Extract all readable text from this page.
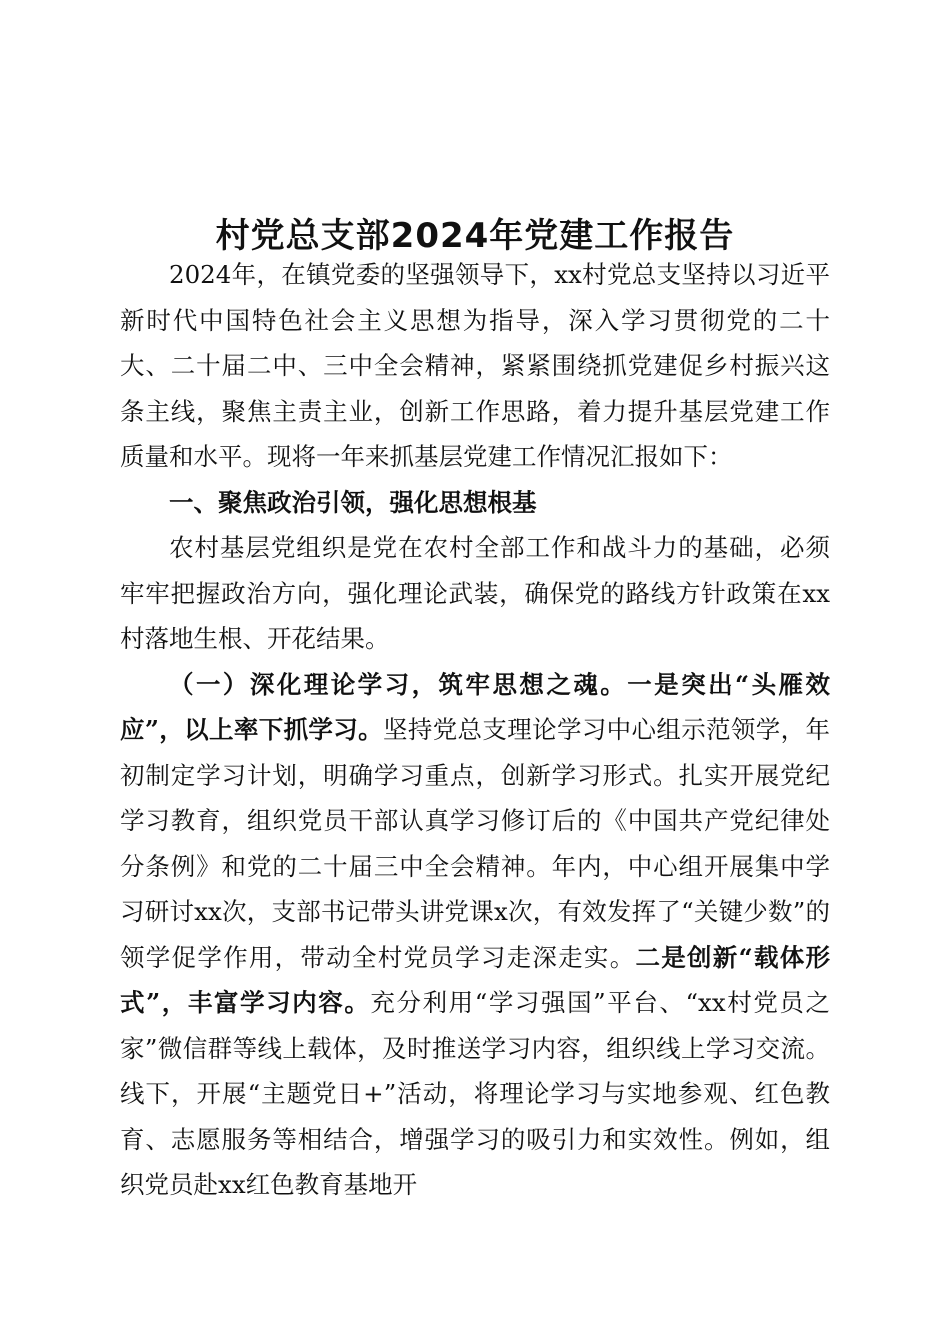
村党总支部2024年党建工作报告

2024年，在镇党委的坚强领导下，xx村党总支坚持以习近平新时代中国特色社会主义思想为指导，深入学习贯彻党的二十大、二十届二中、三中全会精神，紧紧围绕抓党建促乡村振兴这条主线，聚焦主责主业，创新工作思路，着力提升基层党建工作质量和水平。现将一年来抓基层党建工作情况汇报如下：

一、聚焦政治引领，强化思想根基

农村基层党组织是党在农村全部工作和战斗力的基础，必须牢牢把握政治方向，强化理论武装，确保党的路线方针政策在xx村落地生根、开花结果。

（一）深化理论学习，筑牢思想之魂。一是突出“头雁效应”，以上率下抓学习。坚持党总支理论学习中心组示范领学，年初制定学习计划，明确学习重点，创新学习形式。扎实开展党纪学习教育，组织党员干部认真学习修订后的《中国共产党纪律处分条例》和党的二十届三中全会精神。年内，中心组开展集中学习研讨xx次，支部书记带头讲党课x次，有效发挥了“关键少数”的领学促学作用，带动全村党员学习走深走实。二是创新“载体形式”，丰富学习内容。充分利用“学习强国”平台、“xx村党员之家”微信群等线上载体，及时推送学习内容，组织线上学习交流。线下，开展“主题党日+”活动，将理论学习与实地参观、红色教育、志愿服务等相结合，增强学习的吸引力和实效性。例如，组织党员赴xx红色教育基地开
